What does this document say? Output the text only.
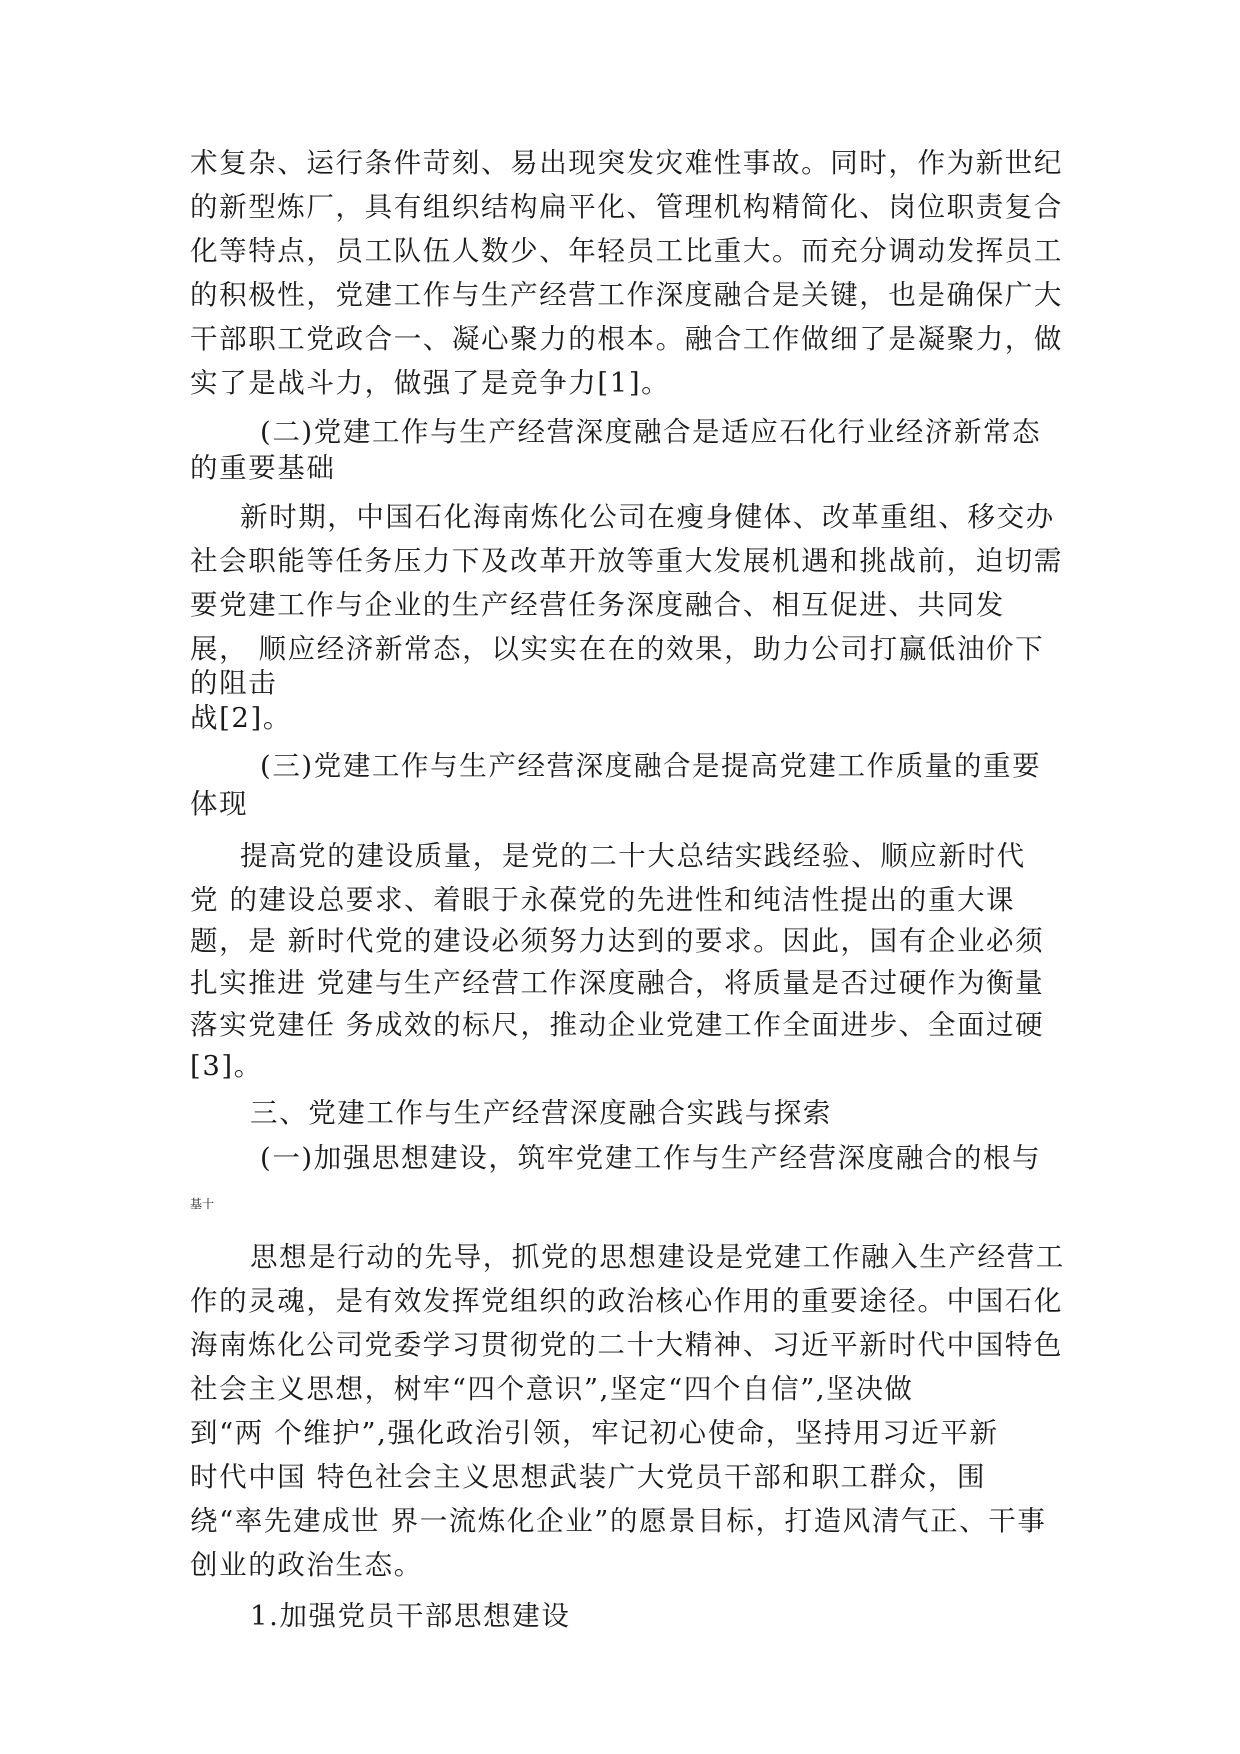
术复杂、运行条件苛刻、易出现突发灾难性事故。同时，作为新世纪

的新型炼厂，具有组织结构扁平化、管理机构精简化、岗位职责复合

化等特点，员工队伍人数少、年轻员工比重大。而充分调动发挥员工

的积极性，党建工作与生产经营工作深度融合是关键，也是确保广大

干部职工党政合一、凝心聚力的根本。融合工作做细了是凝聚力，做

实了是战斗力，做强了是竞争力[1]。

(二)党建工作与生产经营深度融合是适应石化行业经济新常态

的重要基础

新时期，中国石化海南炼化公司在瘦身健体、改革重组、移交办

社会职能等任务压力下及改革开放等重大发展机遇和挑战前，迫切需

要党建工作与企业的生产经营任务深度融合、相互促进、共同发

展， 顺应经济新常态，以实实在在的效果，助力公司打赢低油价下

的阻击

战[2]。

(三)党建工作与生产经营深度融合是提高党建工作质量的重要

体现

提高党的建设质量，是党的二十大总结实践经验、顺应新时代

党 的建设总要求、着眼于永葆党的先进性和纯洁性提出的重大课

题，是 新时代党的建设必须努力达到的要求。因此，国有企业必须

扎实推进 党建与生产经营工作深度融合，将质量是否过硬作为衡量

落实党建任 务成效的标尺，推动企业党建工作全面进步、全面过硬

[3]。

三、党建工作与生产经营深度融合实践与探索

(一)加强思想建设，筑牢党建工作与生产经营深度融合的根与

基十

思想是行动的先导，抓党的思想建设是党建工作融入生产经营工

作的灵魂，是有效发挥党组织的政治核心作用的重要途径。中国石化

海南炼化公司党委学习贯彻党的二十大精神、习近平新时代中国特色

社会主义思想，树牢“四个意识”,坚定“四个自信”,坚决做

到“两 个维护”,强化政治引领，牢记初心使命，坚持用习近平新

时代中国 特色社会主义思想武装广大党员干部和职工群众，围

绕“率先建成世 界一流炼化企业”的愿景目标，打造风清气正、干事

创业的政治生态。

1.加强党员干部思想建设
